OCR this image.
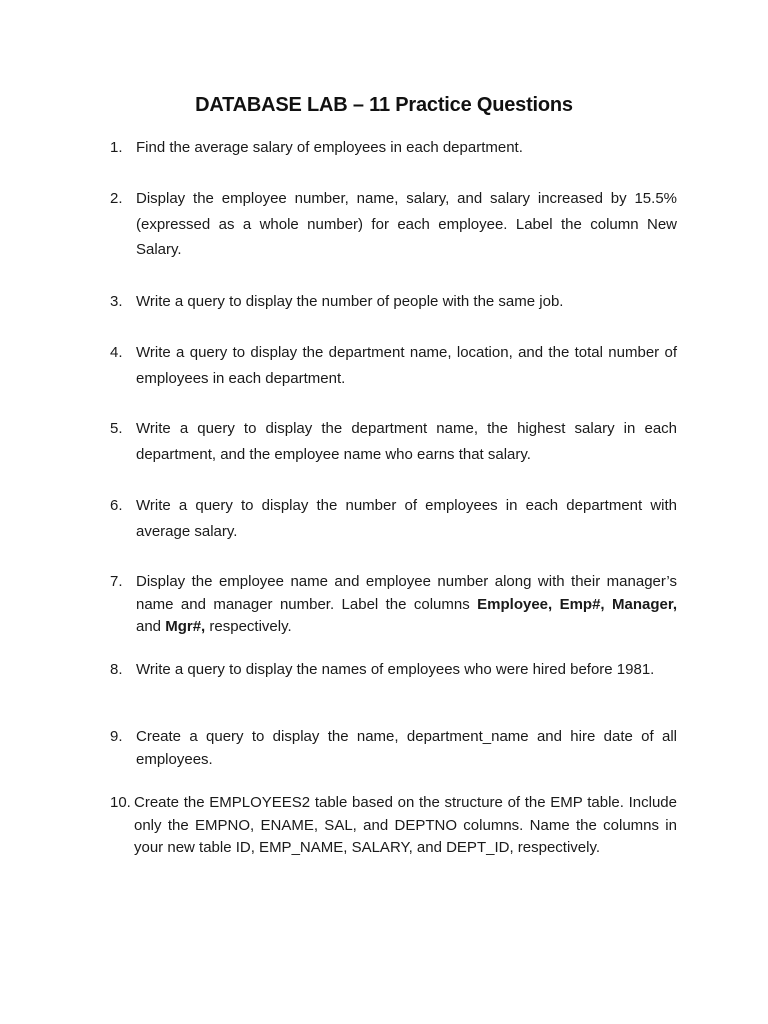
DATABASE LAB – 11 Practice Questions
1. Find the average salary of employees in each department.
2. Display the employee number, name, salary, and salary increased by 15.5% (expressed as a whole number) for each employee. Label the column New Salary.
3. Write a query to display the number of people with the same job.
4. Write a query to display the department name, location, and the total number of employees in each department.
5. Write a query to display the department name, the highest salary in each department, and the employee name who earns that salary.
6. Write a query to display the number of employees in each department with average salary.
7. Display the employee name and employee number along with their manager’s name and manager number. Label the columns Employee, Emp#, Manager, and Mgr#, respectively.
8. Write a query to display the names of employees who were hired before 1981.
9. Create a query to display the name, department_name and hire date of all employees.
10. Create the EMPLOYEES2 table based on the structure of the EMP table. Include only the EMPNO, ENAME, SAL, and DEPTNO columns. Name the columns in your new table ID, EMP_NAME, SALARY, and DEPT_ID, respectively.
